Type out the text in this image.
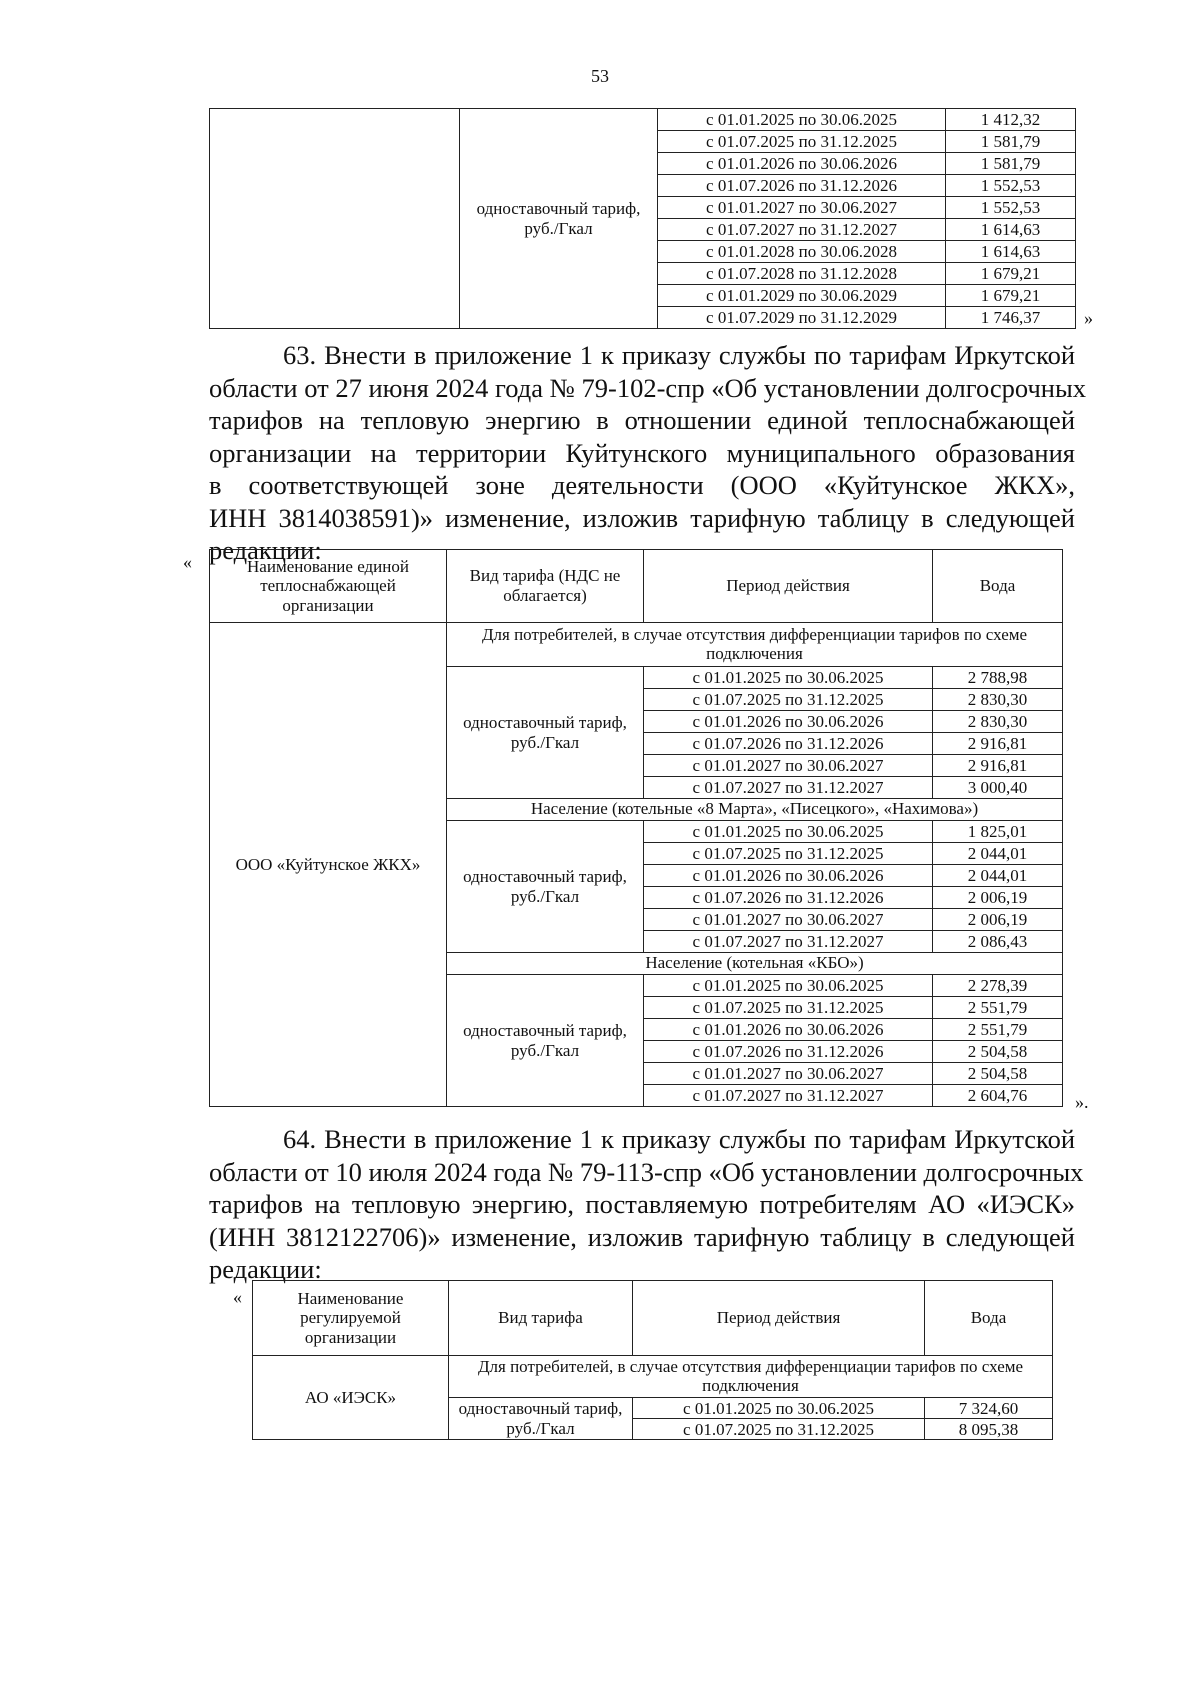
53
	одноставочный тариф, руб./Гкал	с 01.01.2025 по 30.06.2025	1 412,32
		с 01.07.2025 по 31.12.2025	1 581,79
		с 01.01.2026 по 30.06.2026	1 581,79
		с 01.07.2026 по 31.12.2026	1 552,53
		с 01.01.2027 по 30.06.2027	1 552,53
		с 01.07.2027 по 31.12.2027	1 614,63
		с 01.01.2028 по 30.06.2028	1 614,63
		с 01.07.2028 по 31.12.2028	1 679,21
		с 01.01.2029 по 30.06.2029	1 679,21
		с 01.07.2029 по 31.12.2029	1 746,37 »
63. Внести в приложение 1 к приказу службы по тарифам Иркутской
области от 27 июня 2024 года № 79-102-спр «Об установлении долгосрочных
тарифов на тепловую энергию в отношении единой теплоснабжающей
организации на территории Куйтунского муниципального образования
в соответствующей зоне деятельности (ООО «Куйтунское ЖКХ»,
ИНН 3814038591)» изменение, изложив тарифную таблицу в следующей
редакции:
«	Наименование единой теплоснабжающей организации	Вид тарифа (НДС не облагается)	Период действия	Вода
ООО «Куйтунское ЖКХ»	Для потребителей, в случае отсутствия дифференциации тарифов по схеме подключения		
	одноставочный тариф, руб./Гкал	с 01.01.2025 по 30.06.2025	2 788,98
		с 01.07.2025 по 31.12.2025	2 830,30
		с 01.01.2026 по 30.06.2026	2 830,30
		с 01.07.2026 по 31.12.2026	2 916,81
		с 01.01.2027 по 30.06.2027	2 916,81
		с 01.07.2027 по 31.12.2027	3 000,40
	Население (котельные «8 Марта», «Писецкого», «Нахимова»)		
	одноставочный тариф, руб./Гкал	с 01.01.2025 по 30.06.2025	1 825,01
		с 01.07.2025 по 31.12.2025	2 044,01
		с 01.01.2026 по 30.06.2026	2 044,01
		с 01.07.2026 по 31.12.2026	2 006,19
		с 01.01.2027 по 30.06.2027	2 006,19
		с 01.07.2027 по 31.12.2027	2 086,43
	Население (котельная «КБО»)		
	одноставочный тариф, руб./Гкал	с 01.01.2025 по 30.06.2025	2 278,39
		с 01.07.2025 по 31.12.2025	2 551,79
		с 01.01.2026 по 30.06.2026	2 551,79
		с 01.07.2026 по 31.12.2026	2 504,58
		с 01.01.2027 по 30.06.2027	2 504,58
		с 01.07.2027 по 31.12.2027	2 604,76	».
64. Внести в приложение 1 к приказу службы по тарифам Иркутской
области от 10 июля 2024 года № 79-113-спр «Об установлении долгосрочных
тарифов на тепловую энергию, поставляемую потребителям АО «ИЭСК»
(ИНН 3812122706)» изменение, изложив тарифную таблицу в следующей
редакции:
«	Наименование регулируемой организации	Вид тарифа	Период действия	Вода
АО «ИЭСК»	Для потребителей, в случае отсутствия дифференциации тарифов по схеме подключения		
	одноставочный тариф, руб./Гкал	с 01.01.2025 по 30.06.2025	7 324,60
		с 01.07.2025 по 31.12.2025	8 095,38
